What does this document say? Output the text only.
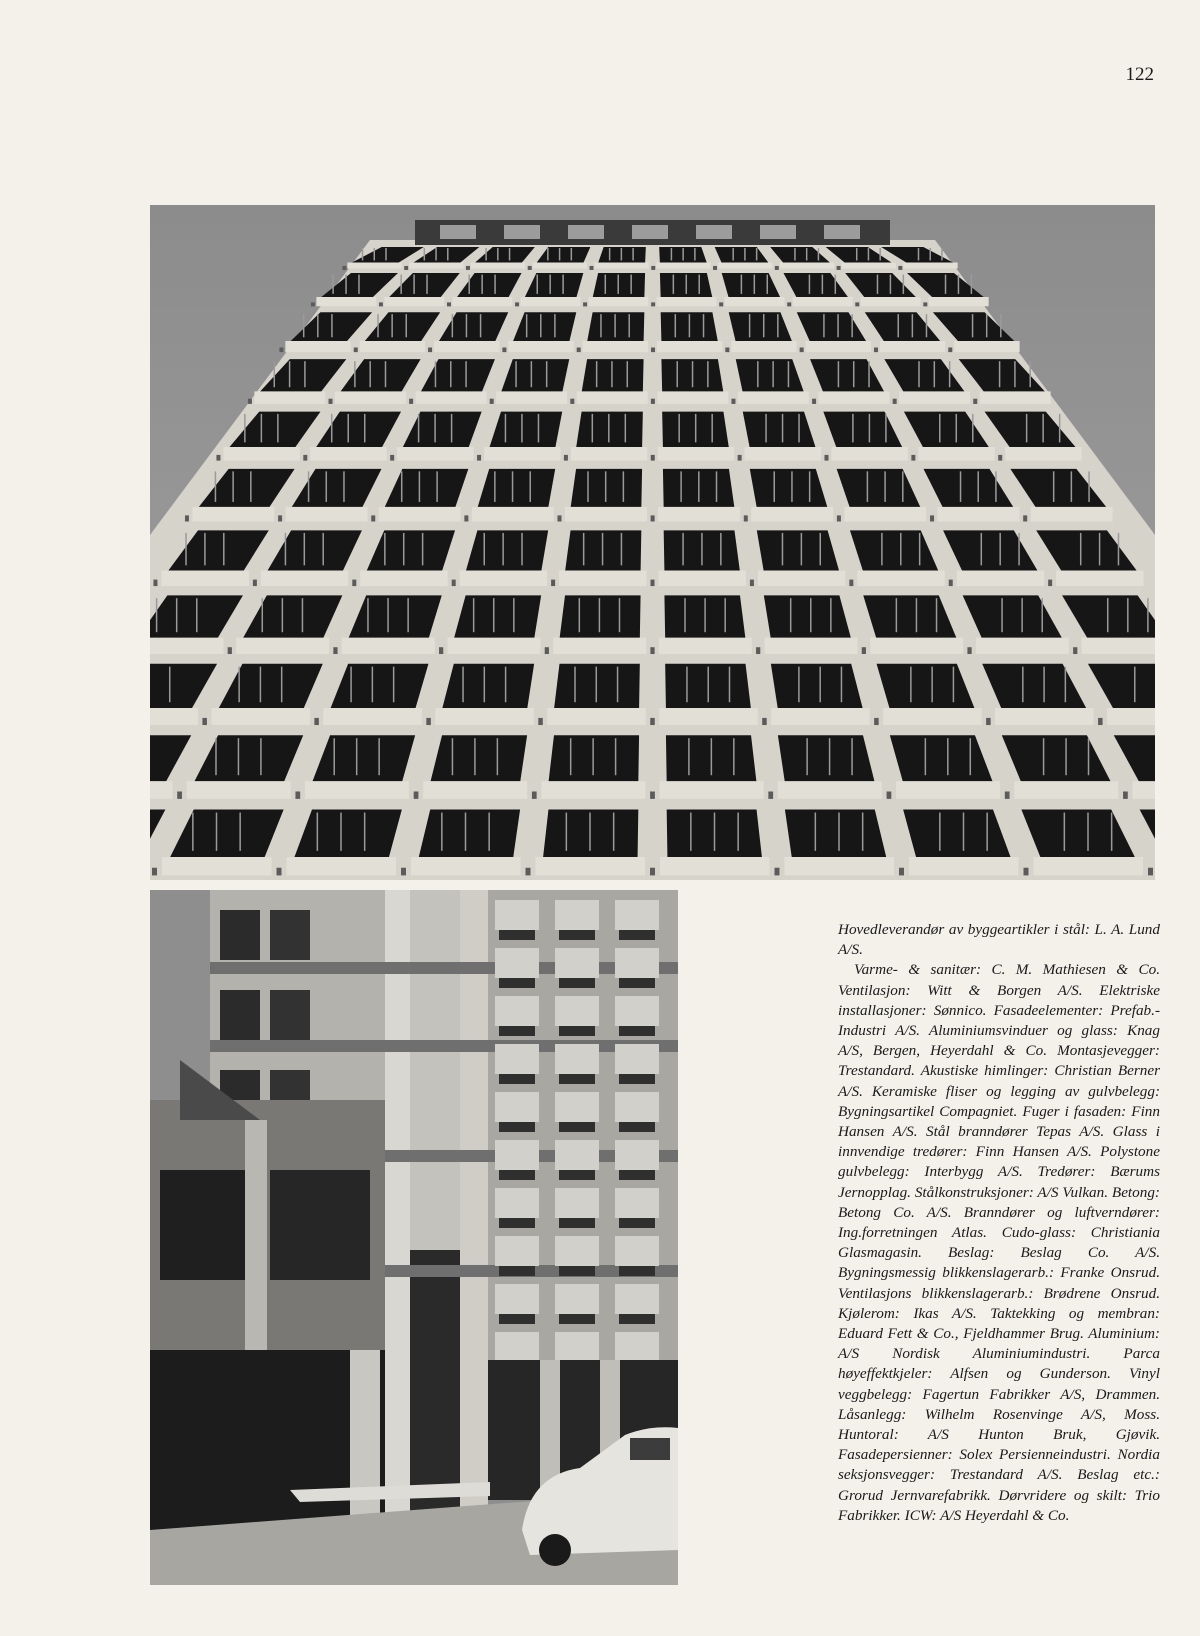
122

Hovedleverandør av byggeartikler i stål: L. A. Lund A/S.

Varme- & sanitær: C. M. Mathiesen & Co. Ventilasjon: Witt & Borgen A/S. Elektriske installasjoner: Sønnico. Fasadeelementer: Prefab.-Industri A/S. Aluminiumsvinduer og glass: Knag A/S, Bergen, Heyerdahl & Co. Montasjevegger: Trestandard. Akustiske himlinger: Christian Berner A/S. Keramiske fliser og legging av gulvbelegg: Bygningsartikel Compagniet. Fuger i fasaden: Finn Hansen A/S. Stål branndører Tepas A/S. Glass i innvendige tredører: Finn Hansen A/S. Polystone gulvbelegg: Interbygg A/S. Tredører: Bærums Jernopplag. Stålkonstruksjoner: A/S Vulkan. Betong: Betong Co. A/S. Branndører og luftverndører: Ing.forretningen Atlas. Cudo-glass: Christiania Glasmagasin. Beslag: Beslag Co. A/S. Bygningsmessig blikkenslagerarb.: Franke Onsrud. Ventilasjons blikkenslagerarb.: Brødrene Onsrud. Kjølerom: Ikas A/S. Taktekking og membran: Eduard Fett & Co., Fjeldhammer Brug. Aluminium: A/S Nordisk Aluminiumindustri. Parca høyeffektkjeler: Alfsen og Gunderson. Vinyl veggbelegg: Fagertun Fabrikker A/S, Drammen. Låsanlegg: Wilhelm Rosenvinge A/S, Moss. Huntoral: A/S Hunton Bruk, Gjøvik. Fasadepersienner: Solex Persienneindustri. Nordia seksjonsvegger: Trestandard A/S. Beslag etc.: Grorud Jernvarefabrikk. Dørvridere og skilt: Trio Fabrikker. ICW: A/S Heyerdahl & Co.
